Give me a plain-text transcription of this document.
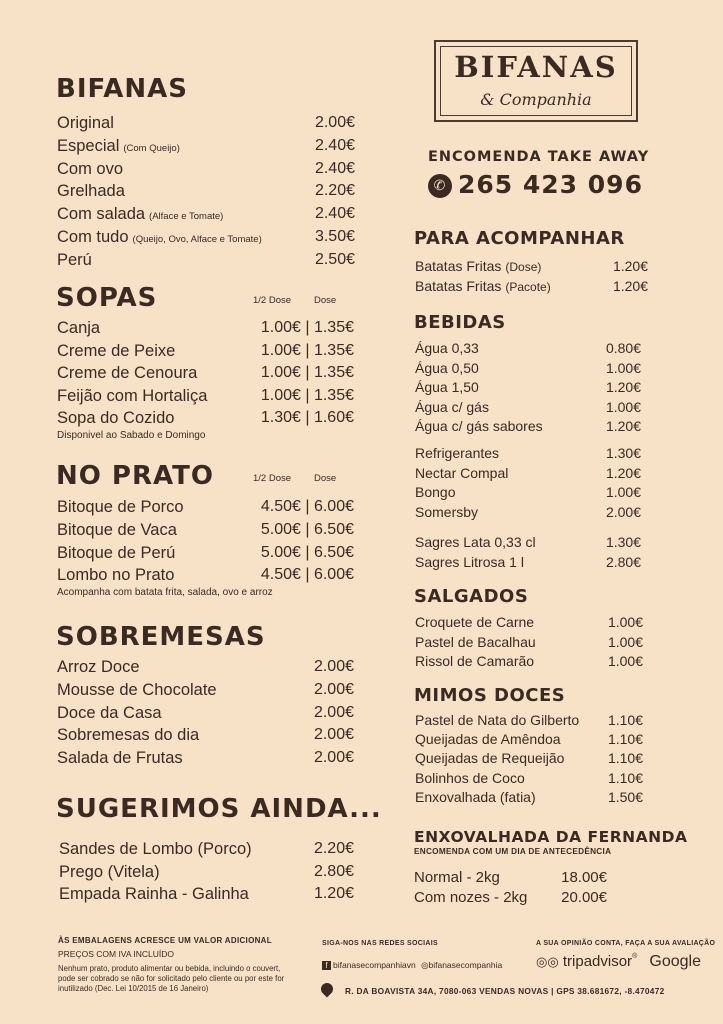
BIFANAS
& Companhia
ENCOMENDA TAKE AWAY
✆ 265 423 096
BIFANAS
Original	2.00€
Especial (Com Queijo)	2.40€
Com ovo	2.40€
Grelhada	2.20€
Com salada (Alface e Tomate)	2.40€
Com tudo (Queijo, Ovo, Alface e Tomate)	3.50€
Perú	2.50€
SOPAS	1/2 Dose Dose
Canja	1.00€ | 1.35€
Creme de Peixe	1.00€ | 1.35€
Creme de Cenoura	1.00€ | 1.35€
Feijão com Hortaliça	1.00€ | 1.35€
Sopa do Cozido	1.30€ | 1.60€
Disponivel ao Sabado e Domingo
NO PRATO	1/2 Dose Dose
Bitoque de Porco	4.50€ | 6.00€
Bitoque de Vaca	5.00€ | 6.50€
Bitoque de Perú	5.00€ | 6.50€
Lombo no Prato	4.50€ | 6.00€
Acompanha com batata frita, salada, ovo e arroz
SOBREMESAS
Arroz Doce	2.00€
Mousse de Chocolate	2.00€
Doce da Casa	2.00€
Sobremesas do dia	2.00€
Salada de Frutas	2.00€
SUGERIMOS AINDA...
Sandes de Lombo (Porco)	2.20€
Prego (Vitela)	2.80€
Empada Rainha - Galinha	1.20€
PARA ACOMPANHAR
Batatas Fritas (Dose)	1.20€
Batatas Fritas (Pacote)	1.20€
BEBIDAS
Água 0,33	0.80€
Água 0,50	1.00€
Água 1,50	1.20€
Água c/ gás	1.00€
Água c/ gás sabores	1.20€
Refrigerantes	1.30€
Nectar Compal	1.20€
Bongo	1.00€
Somersby	2.00€
Sagres Lata 0,33 cl	1.30€
Sagres Litrosa 1 l	2.80€
SALGADOS
Croquete de Carne	1.00€
Pastel de Bacalhau	1.00€
Rissol de Camarão	1.00€
MIMOS DOCES
Pastel de Nata do Gilberto 1.10€
Queijadas de Amêndoa	1.10€
Queijadas de Requeijão	1.10€
Bolinhos de Coco	1.10€
Enxovalhada (fatia)	1.50€
ENXOVALHADA DA FERNANDA
ENCOMENDA COM UM DIA DE ANTECEDÊNCIA
Normal - 2kg	18.00€
Com nozes - 2kg 20.00€
ÀS EMBALAGENS ACRESCE UM VALOR ADICIONAL
PREÇOS COM IVA INCLUÍDO
Nenhum prato, produto alimentar ou bebida, incluindo o couvert, pode ser cobrado se não for solicitado pelo cliente ou por este for inutilizado (Dec. Lei 10/2015 de 16 Janeiro)
SIGA-NOS NAS REDES SOCIAIS
f bifanasecompanhiavn ◎bifanasecompanhia
A SUA OPINIÃO CONTA, FAÇA A SUA AVALIAÇÃO
◎◎ tripadvisor® Google
R. DA BOAVISTA 34A, 7080-063 VENDAS NOVAS | GPS 38.681672, -8.470472
